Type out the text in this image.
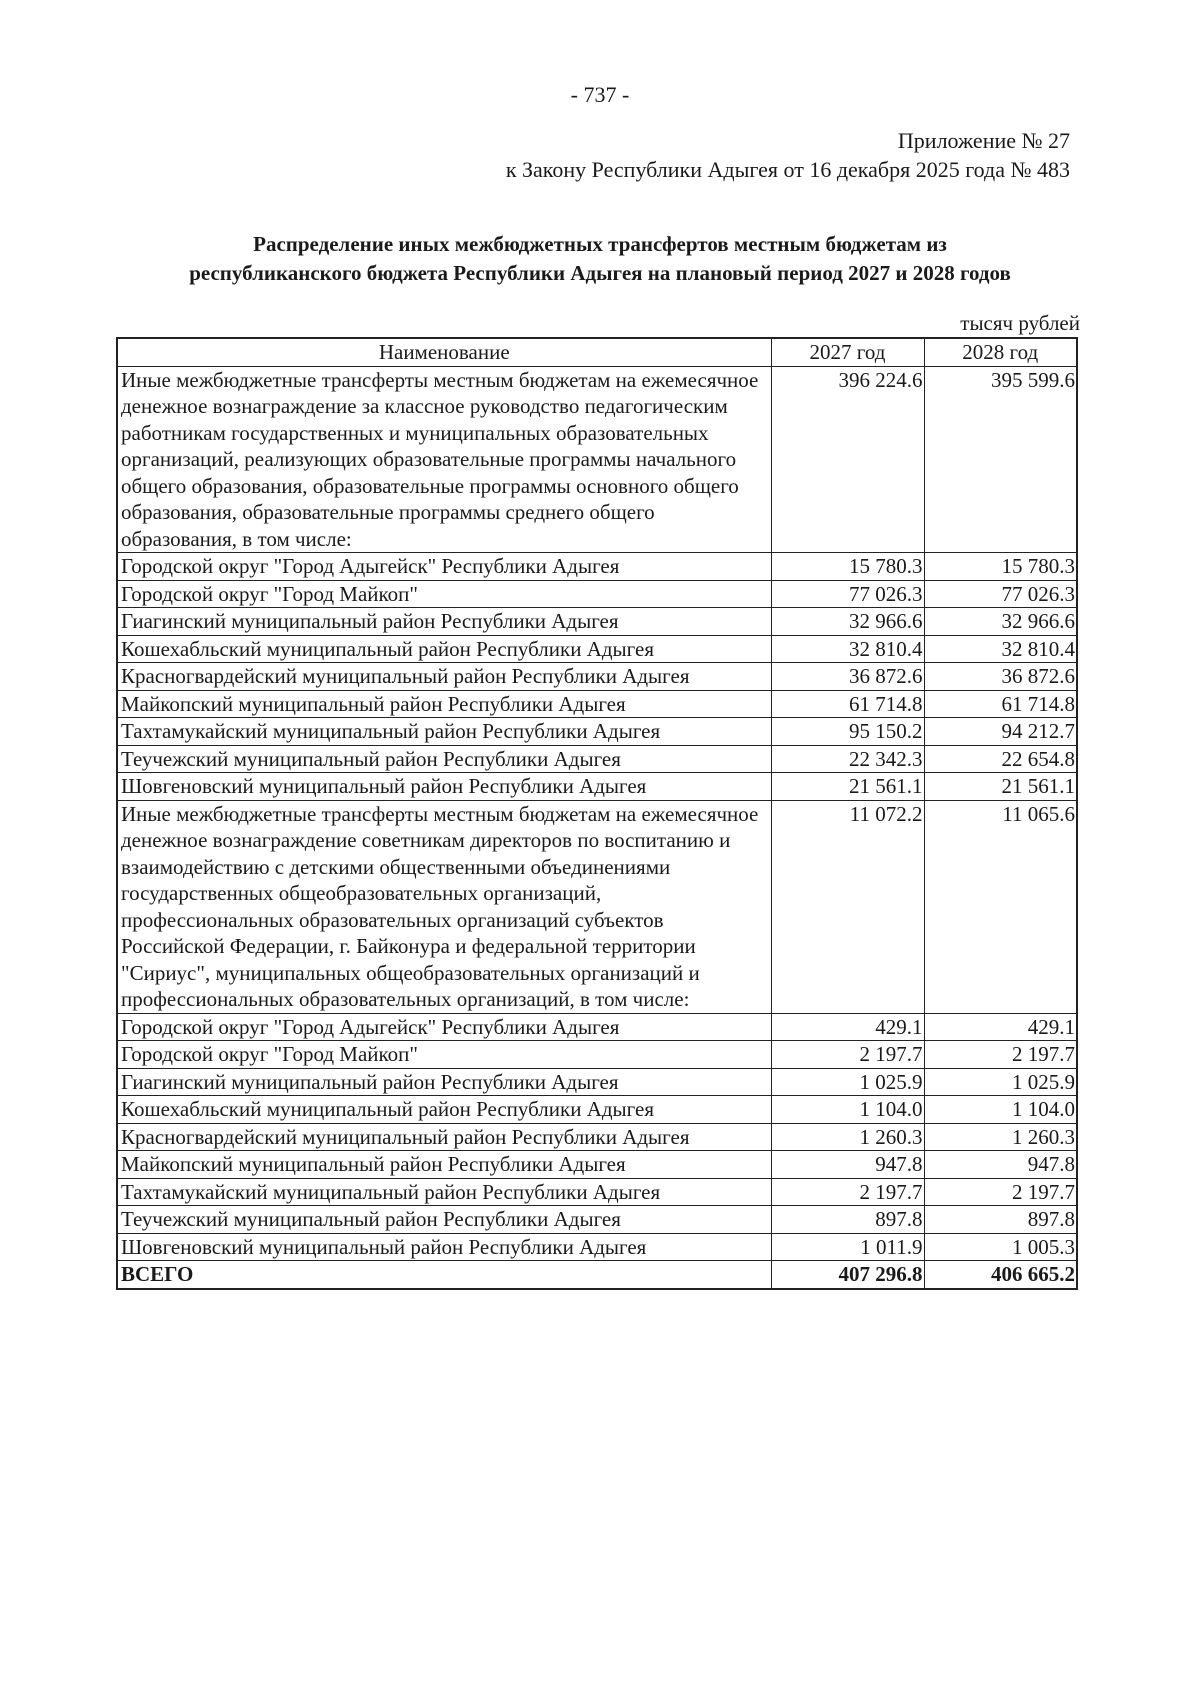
- 737 -
Приложение № 27
к Закону Республики Адыгея от 16 декабря 2025 года № 483
Распределение иных межбюджетных трансфертов местным бюджетам из
республиканского бюджета Республики Адыгея на плановый период 2027 и 2028 годов
тысяч рублей
Наименование	2027 год	2028 год
Иные межбюджетные трансферты местным бюджетам на ежемесячное денежное вознаграждение за классное руководство педагогическим работникам государственных и муниципальных образовательных организаций, реализующих образовательные программы начального общего образования, образовательные программы основного общего образования, образовательные программы среднего общего образования, в том числе:	396 224.6	395 599.6
Городской округ "Город Адыгейск" Республики Адыгея	15 780.3	15 780.3
Городской округ "Город Майкоп"	77 026.3	77 026.3
Гиагинский муниципальный район Республики Адыгея	32 966.6	32 966.6
Кошехабльский муниципальный район Республики Адыгея	32 810.4	32 810.4
Красногвардейский муниципальный район Республики Адыгея	36 872.6	36 872.6
Майкопский муниципальный район Республики Адыгея	61 714.8	61 714.8
Тахтамукайский муниципальный район Республики Адыгея	95 150.2	94 212.7
Теучежский муниципальный район Республики Адыгея	22 342.3	22 654.8
Шовгеновский муниципальный район Республики Адыгея	21 561.1	21 561.1
Иные межбюджетные трансферты местным бюджетам на ежемесячное денежное вознаграждение советникам директоров по воспитанию и взаимодействию с детскими общественными объединениями государственных общеобразовательных организаций, профессиональных образовательных организаций субъектов Российской Федерации, г. Байконура и федеральной территории "Сириус", муниципальных общеобразовательных организаций и профессиональных образовательных организаций, в том числе:	11 072.2	11 065.6
Городской округ "Город Адыгейск" Республики Адыгея	429.1	429.1
Городской округ "Город Майкоп"	2 197.7	2 197.7
Гиагинский муниципальный район Республики Адыгея	1 025.9	1 025.9
Кошехабльский муниципальный район Республики Адыгея	1 104.0	1 104.0
Красногвардейский муниципальный район Республики Адыгея	1 260.3	1 260.3
Майкопский муниципальный район Республики Адыгея	947.8	947.8
Тахтамукайский муниципальный район Республики Адыгея	2 197.7	2 197.7
Теучежский муниципальный район Республики Адыгея	897.8	897.8
Шовгеновский муниципальный район Республики Адыгея	1 011.9	1 005.3
ВСЕГО	407 296.8	406 665.2
